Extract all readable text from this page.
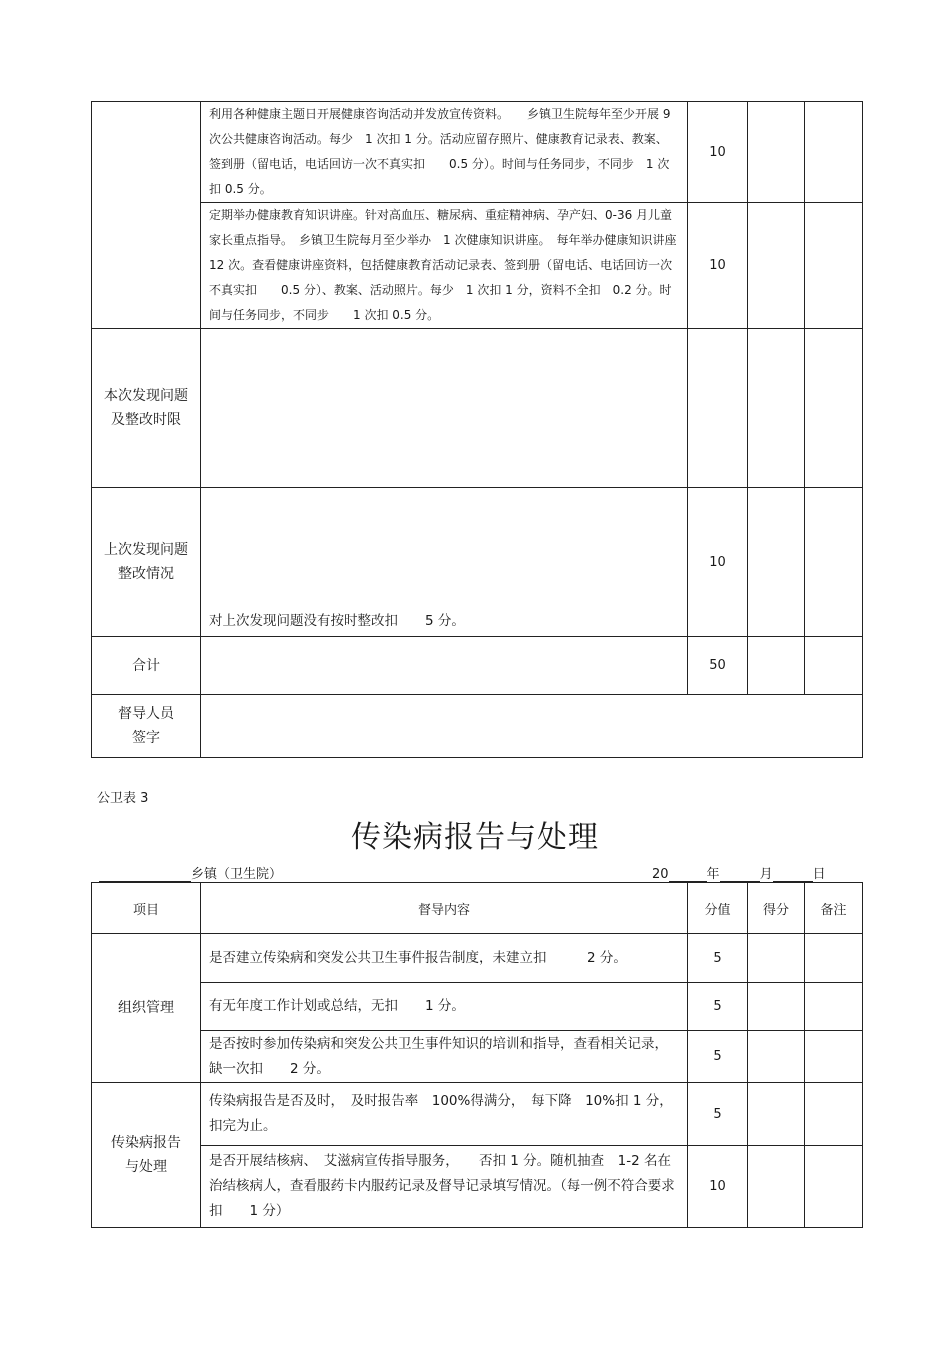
	利用各种健康主题日开展健康咨询活动并发放宣传资料。　　乡镇卫生院每年至少开展 9 次公共健康咨询活动。每少　1 次扣 1 分。活动应留存照片、健康教育记录表、教案、签到册（留电话，电话回访一次不真实扣　　0.5 分）。时间与任务同步，不同步　1 次扣 0.5 分。	10		
	定期举办健康教育知识讲座。针对高血压、糖尿病、重症精神病、孕产妇、0-36 月儿童家长重点指导。　乡镇卫生院每月至少举办　1 次健康知识讲座。　每年举办健康知识讲座　12 次。查看健康讲座资料，包括健康教育活动记录表、签到册（留电话、电话回访一次不真实扣　　0.5 分）、教案、活动照片。每少　1 次扣 1 分，资料不全扣　0.2 分。时间与任务同步，不同步　　1 次扣 0.5 分。	10		
本次发现问题及整改时限				
上次发现问题整改情况	对上次发现问题没有按时整改扣　　5 分。	10		
合计		50		
督导人员签字				
公卫表 3
传染病报告与处理
乡镇（卫生院）	20	年	月	日
项目	督导内容	分值	得分	备注
组织管理	是否建立传染病和突发公共卫生事件报告制度，未建立扣　　　2 分。	5		
	有无年度工作计划或总结，无扣　　1 分。	5		
	是否按时参加传染病和突发公共卫生事件知识的培训和指导，查看相关记录，缺一次扣　　2 分。	5		
传染病报告与处理	传染病报告是否及时，　及时报告率　100%得满分，　每下降　10%扣 1 分，扣完为止。	5		
	是否开展结核病、　艾滋病宣传指导服务，　　否扣 1 分。随机抽查　1-2 名在治结核病人，查看服药卡内服药记录及督导记录填写情况。（每一例不符合要求扣　　1 分）	10		
